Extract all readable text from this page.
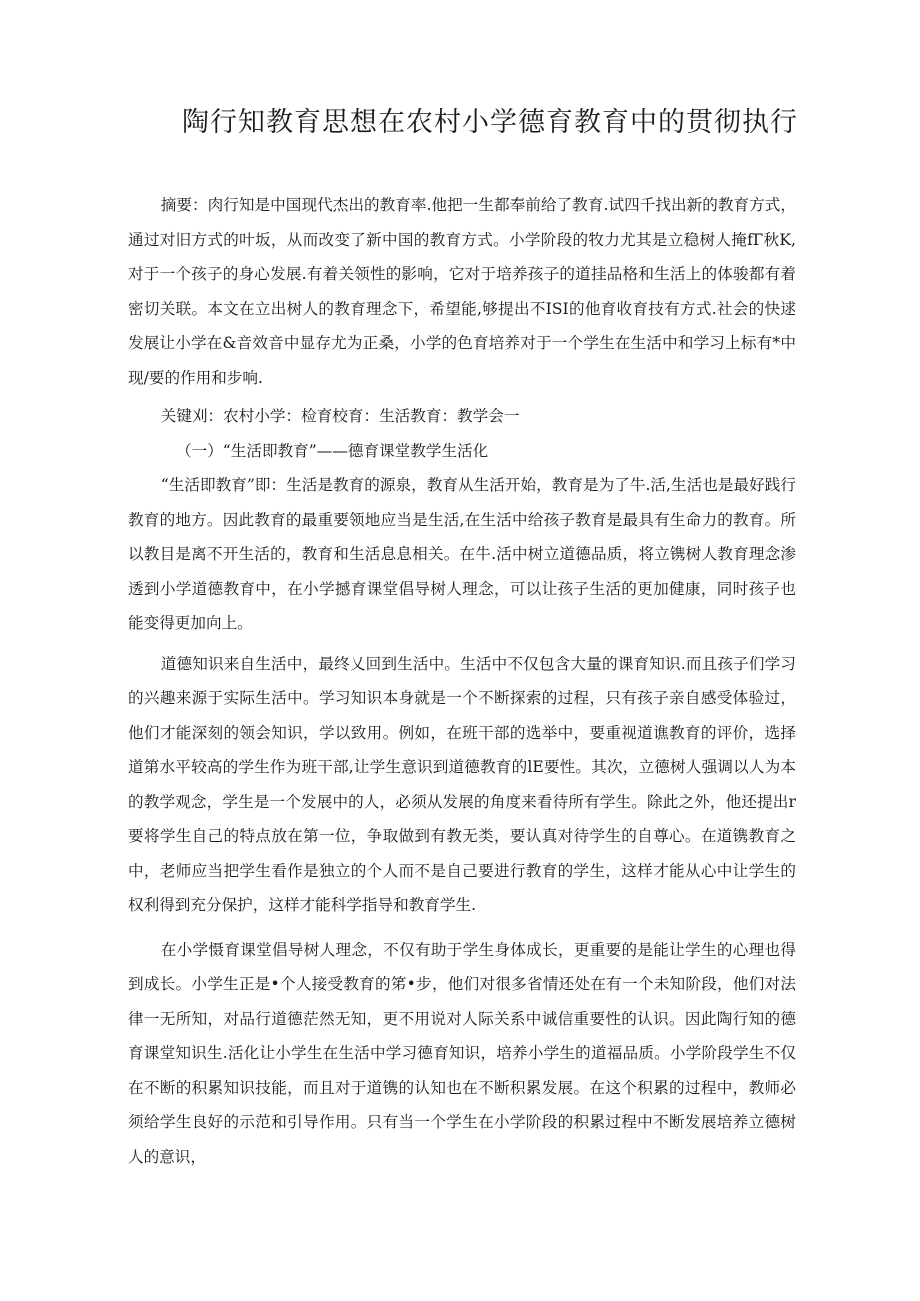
陶行知教育思想在农村小学德育教育中的贯彻执行

摘要：肉行知是中国现代杰出的教育率.他把一生都奉前给了教育.试四千找出新的教育方式，通过对旧方式的叶坂，从而改变了新中国的教育方式。小学阶段的牧力尤其是立稳树人掩fГ秋K,对于一个孩子的身心发展.有着关领性的影响，它对于培养孩子的道挂品格和生活上的体骏都有着密切关联。本文在立出树人的教育理念下，希望能,够提出不ISI的他育收育技有方式.社会的快逑发展让小学在&音效音中显存尤为正桑，小学的色育培养对于一个学生在生活中和学习上标有*中现/要的作用和步响.

关键刈：农村小学：检育校育：生活教育：教学会一

（一）“生活即教育”——德育课堂教学生活化

“生活即教育”即：生活是教育的源泉，教育从生活开始，教育是为了牛.活,生活也是最好践行教育的地方。因此教育的最重要领地应当是生活,在生活中给孩子教育是最具有生命力的教育。所以教目是离不开生活的，教育和生活息息相关。在牛.活中树立道德品质，将立镌树人教育理念渗透到小学道德教育中，在小学撼育课堂倡导树人理念，可以让孩子生活的更加健康，同时孩子也能变得更加向上。

道德知识来自生活中，最终乂回到生活中。生活中不仅包含大量的课育知识.而且孩子们学习的兴趣来源于实际生活中。学习知识本身就是一个不断探索的过程，只有孩子亲自感受体验过，他们才能深刻的领会知识，学以致用。例如，在班干部的选举中，要重视道谯教育的评价，选择道第水平较高的学生作为班干部,让学生意识到道德教育的lE要性。其次，立德树人强调以人为本的教学观念，学生是一个发展中的人，必须从发展的角度来看待所有学生。除此之外，他还提出r要将学生自己的特点放在第一位，争取做到有教无类，要认真对待学生的自尊心。在道镌教育之中，老师应当把学生看作是独立的个人而不是自己要进行教育的学生，这样才能从心中让学生的权利得到充分保护，这样才能科学指导和教育学生.

在小学慑育课堂倡导树人理念，不仅有助于学生身体成长，更重要的是能让学生的心理也得到成长。小学生正是•个人接受教育的笫•步，他们对很多省情还处在有一个未知阶段，他们对法律一无所知，对品行道德茫然无知，更不用说对人际关系中诚信重要性的认识。因此陶行知的德育课堂知识生.活化让小学生在生活中学习德育知识，培养小学生的道福品质。小学阶段学生不仅在不断的积累知识技能，而且对于道镌的认知也在不断积累发展。在这个积累的过程中，教师必须给学生良好的示范和引导作用。只有当一个学生在小学阶段的积累过程中不断发展培养立德树人的意识，
